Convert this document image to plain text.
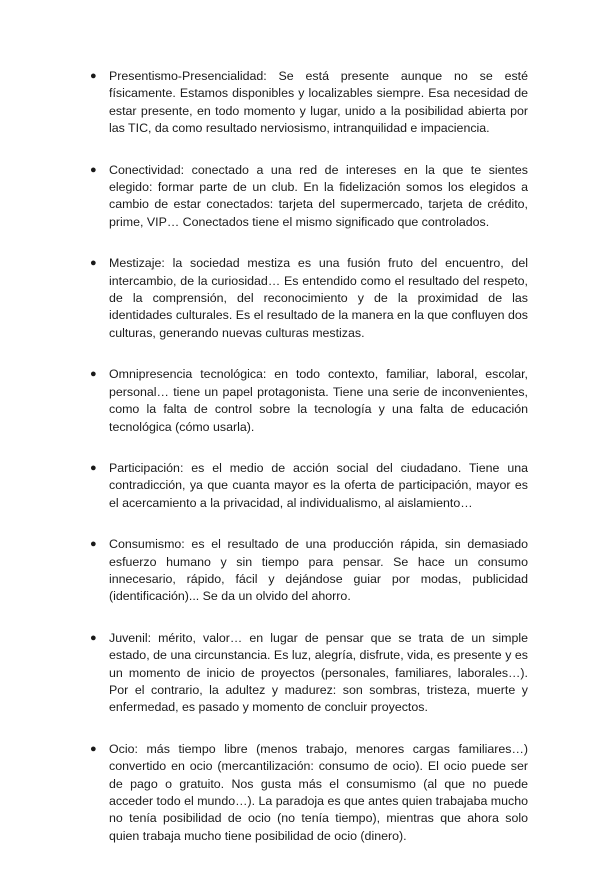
● Presentismo-Presencialidad: Se está presente aunque no se esté físicamente. Estamos disponibles y localizables siempre. Esa necesidad de estar presente, en todo momento y lugar, unido a la posibilidad abierta por las TIC, da como resultado nerviosismo, intranquilidad e impaciencia.
● Conectividad: conectado a una red de intereses en la que te sientes elegido: formar parte de un club. En la fidelización somos los elegidos a cambio de estar conectados: tarjeta del supermercado, tarjeta de crédito, prime, VIP… Conectados tiene el mismo significado que controlados.
● Mestizaje: la sociedad mestiza es una fusión fruto del encuentro, del intercambio, de la curiosidad… Es entendido como el resultado del respeto, de la comprensión, del reconocimiento y de la proximidad de las identidades culturales. Es el resultado de la manera en la que confluyen dos culturas, generando nuevas culturas mestizas.
● Omnipresencia tecnológica: en todo contexto, familiar, laboral, escolar, personal… tiene un papel protagonista. Tiene una serie de inconvenientes, como la falta de control sobre la tecnología y una falta de educación tecnológica (cómo usarla).
● Participación: es el medio de acción social del ciudadano. Tiene una contradicción, ya que cuanta mayor es la oferta de participación, mayor es el acercamiento a la privacidad, al individualismo, al aislamiento…
● Consumismo: es el resultado de una producción rápida, sin demasiado esfuerzo humano y sin tiempo para pensar. Se hace un consumo innecesario, rápido, fácil y dejándose guiar por modas, publicidad (identificación)... Se da un olvido del ahorro.
● Juvenil: mérito, valor… en lugar de pensar que se trata de un simple estado, de una circunstancia. Es luz, alegría, disfrute, vida, es presente y es un momento de inicio de proyectos (personales, familiares, laborales…). Por el contrario, la adultez y madurez: son sombras, tristeza, muerte y enfermedad, es pasado y momento de concluir proyectos.
● Ocio: más tiempo libre (menos trabajo, menores cargas familiares…) convertido en ocio (mercantilización: consumo de ocio). El ocio puede ser de pago o gratuito. Nos gusta más el consumismo (al que no puede acceder todo el mundo…). La paradoja es que antes quien trabajaba mucho no tenía posibilidad de ocio (no tenía tiempo), mientras que ahora solo quien trabaja mucho tiene posibilidad de ocio (dinero).
